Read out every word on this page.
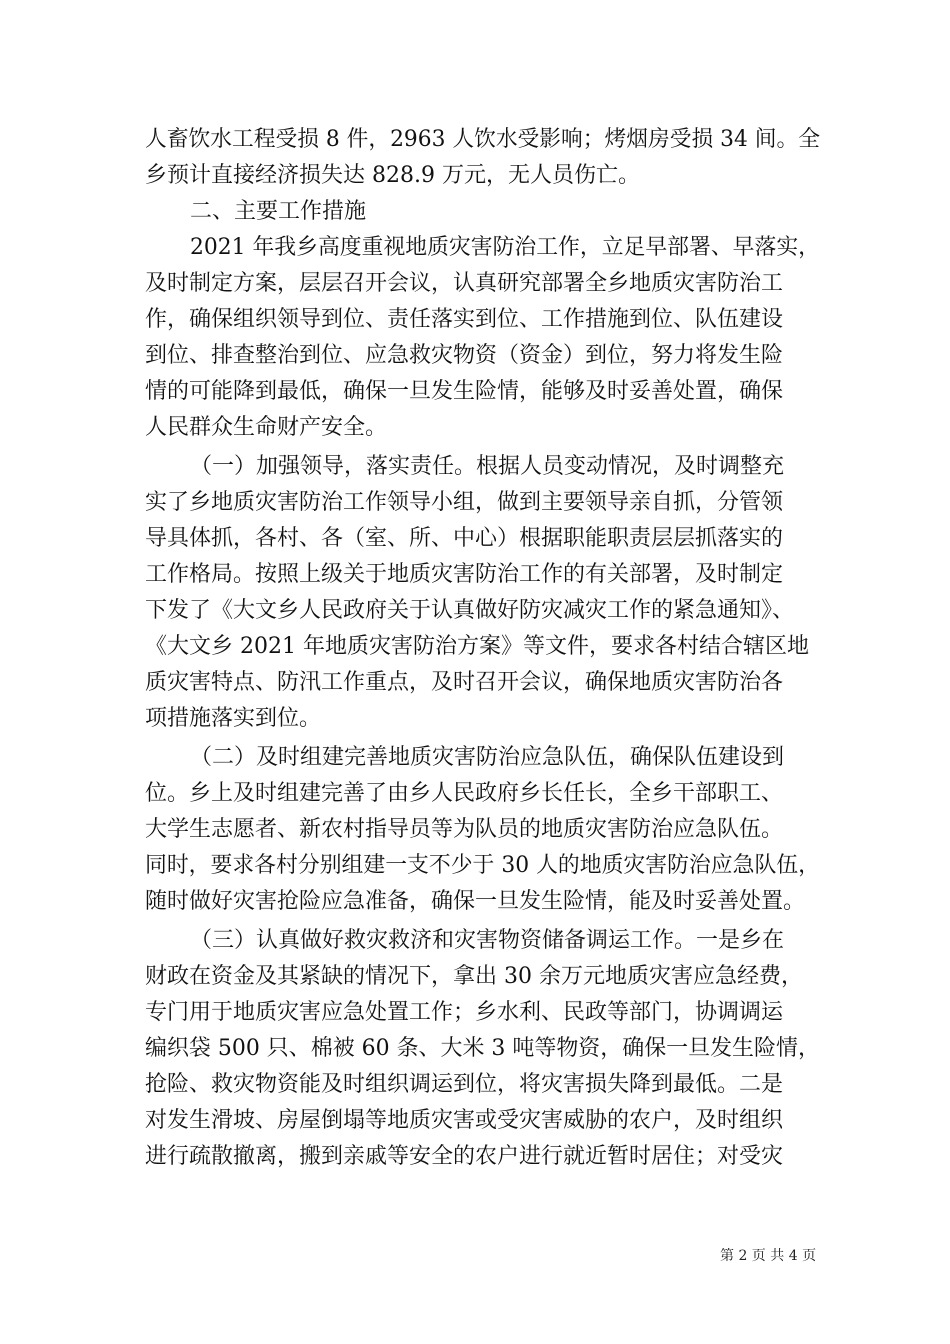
人畜饮水工程受损 8 件，2963 人饮水受影响；烤烟房受损 34 间。全
乡预计直接经济损失达 828.9 万元，无人员伤亡。
二、主要工作措施
2021 年我乡高度重视地质灾害防治工作，立足早部署、早落实，
及时制定方案，层层召开会议，认真研究部署全乡地质灾害防治工
作，确保组织领导到位、责任落实到位、工作措施到位、队伍建设
到位、排查整治到位、应急救灾物资（资金）到位，努力将发生险
情的可能降到最低，确保一旦发生险情，能够及时妥善处置，确保
人民群众生命财产安全。
（一）加强领导，落实责任。根据人员变动情况，及时调整充
实了乡地质灾害防治工作领导小组，做到主要领导亲自抓，分管领
导具体抓，各村、各（室、所、中心）根据职能职责层层抓落实的
工作格局。按照上级关于地质灾害防治工作的有关部署，及时制定
下发了《大文乡人民政府关于认真做好防灾减灾工作的紧急通知》、
《大文乡 2021 年地质灾害防治方案》等文件，要求各村结合辖区地
质灾害特点、防汛工作重点，及时召开会议，确保地质灾害防治各
项措施落实到位。
（二）及时组建完善地质灾害防治应急队伍，确保队伍建设到
位。乡上及时组建完善了由乡人民政府乡长任长，全乡干部职工、
大学生志愿者、新农村指导员等为队员的地质灾害防治应急队伍。
同时，要求各村分别组建一支不少于 30 人的地质灾害防治应急队伍，
随时做好灾害抢险应急准备，确保一旦发生险情，能及时妥善处置。
（三）认真做好救灾救济和灾害物资储备调运工作。一是乡在
财政在资金及其紧缺的情况下，拿出 30 余万元地质灾害应急经费，
专门用于地质灾害应急处置工作；乡水利、民政等部门，协调调运
编织袋 500 只、棉被 60 条、大米 3 吨等物资，确保一旦发生险情，
抢险、救灾物资能及时组织调运到位，将灾害损失降到最低。二是
对发生滑坡、房屋倒塌等地质灾害或受灾害威胁的农户，及时组织
进行疏散撤离，搬到亲戚等安全的农户进行就近暂时居住；对受灾
第 2 页 共 4 页
